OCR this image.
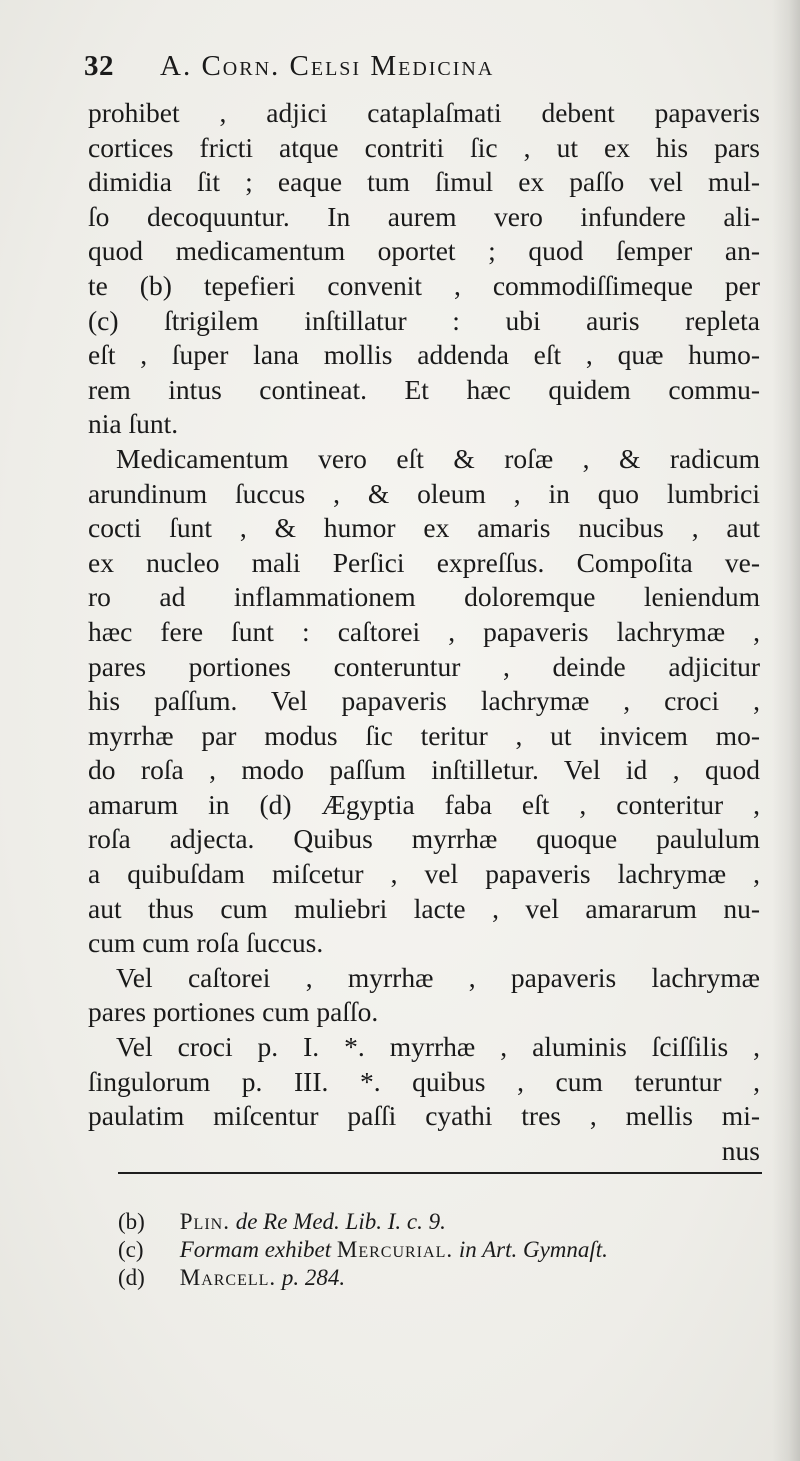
32	A. Corn. Celsi Medicina
prohibet , adjici cataplaſmati debent papaveris
cortices fricti atque contriti ſic , ut ex his pars
dimidia ſit ; eaque tum ſimul ex paſſo vel mul-
ſo decoquuntur. In aurem vero infundere ali-
quod medicamentum oportet ; quod ſemper an-
te (b) tepefieri convenit , commodiſſimeque per
(c) ſtrigilem inſtillatur : ubi auris repleta
eſt , ſuper lana mollis addenda eſt , quæ humo-
rem intus contineat. Et hæc quidem commu-
nia ſunt.
Medicamentum vero eſt & roſæ , & radicum
arundinum ſuccus , & oleum , in quo lumbrici
cocti ſunt , & humor ex amaris nucibus , aut
ex nucleo mali Perſici expreſſus. Compoſita ve-
ro ad inflammationem doloremque leniendum
hæc fere ſunt : caſtorei , papaveris lachrymæ ,
pares portiones conteruntur , deinde adjicitur
his paſſum. Vel papaveris lachrymæ , croci ,
myrrhæ par modus ſic teritur , ut invicem mo-
do roſa , modo paſſum inſtilletur. Vel id , quod
amarum in (d) Ægyptia faba eſt , conteritur ,
roſa adjecta. Quibus myrrhæ quoque paululum
a quibuſdam miſcetur , vel papaveris lachrymæ ,
aut thus cum muliebri lacte , vel amararum nu-
cum cum roſa ſuccus.
Vel caſtorei , myrrhæ , papaveris lachrymæ
pares portiones cum paſſo.
Vel croci p. I. *. myrrhæ , aluminis ſciſſilis ,
ſingulorum p. III. *. quibus , cum teruntur ,
paulatim miſcentur paſſi cyathi tres , mellis mi-
nus
(b) Plin. de Re Med. Lib. I. c. 9.
(c) Formam exhibet Mercurial. in Art. Gymnaſt.
(d) Marcell. p. 284.
